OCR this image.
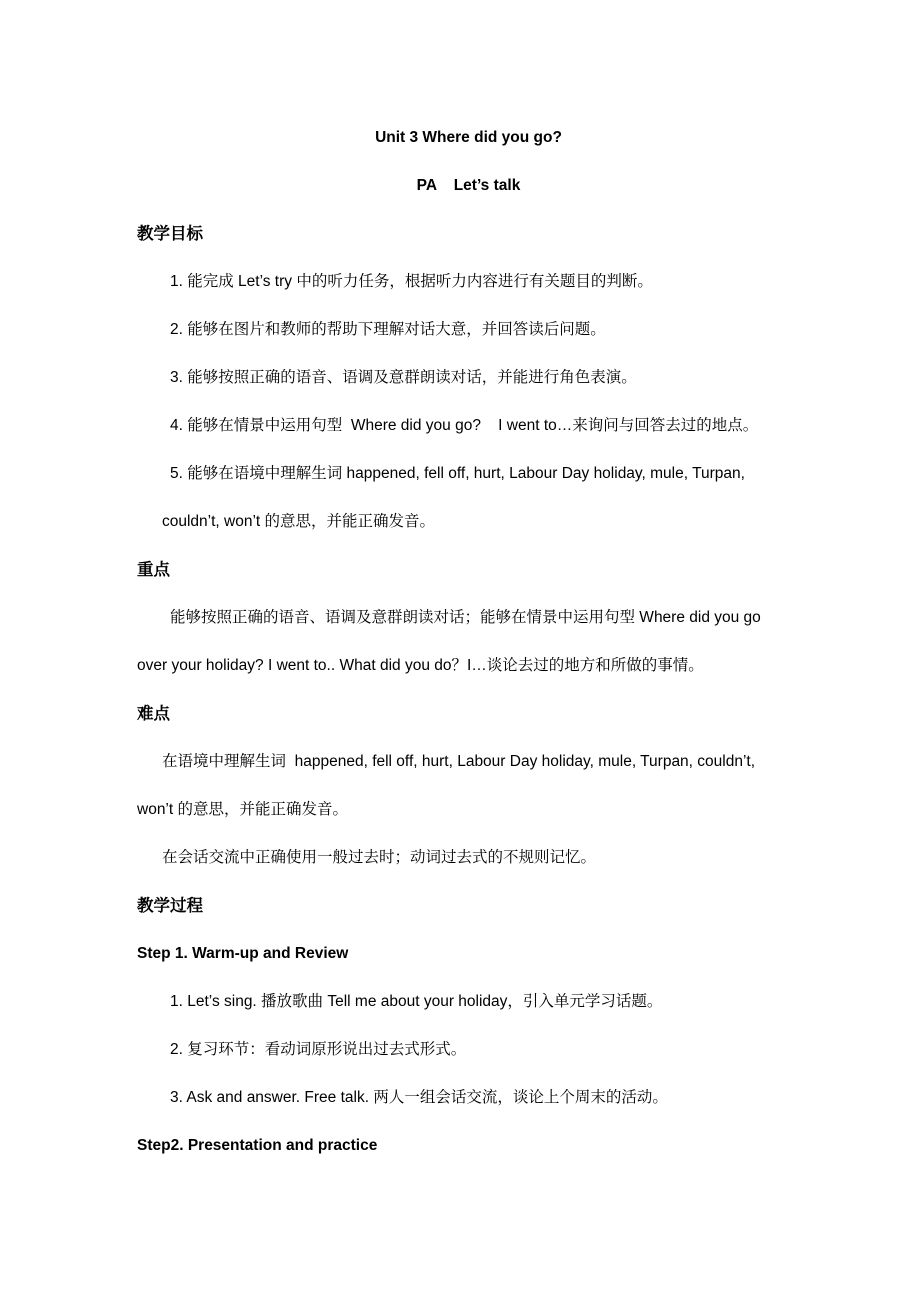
Unit 3 Where did you go?

PA    Let’s talk

教学目标

1. 能完成 Let’s try 中的听力任务，根据听力内容进行有关题目的判断。

2. 能够在图片和教师的帮助下理解对话大意，并回答读后问题。

3. 能够按照正确的语音、语调及意群朗读对话，并能进行角色表演。

4. 能够在情景中运用句型  Where did you go?    I went to…来询问与回答去过的地点。

5. 能够在语境中理解生词 happened, fell off, hurt, Labour Day holiday, mule, Turpan,

couldn’t, won’t 的意思，并能正确发音。

重点

能够按照正确的语音、语调及意群朗读对话；能够在情景中运用句型 Where did you go

over your holiday? I went to.. What did you do？I…谈论去过的地方和所做的事情。

难点

在语境中理解生词  happened, fell off, hurt, Labour Day holiday, mule, Turpan, couldn’t,

won’t 的意思，并能正确发音。

在会话交流中正确使用一般过去时；动词过去式的不规则记忆。

教学过程

Step 1. Warm-up and Review

1. Let’s sing. 播放歌曲 Tell me about your holiday，引入单元学习话题。

2. 复习环节：看动词原形说出过去式形式。

3. Ask and answer. Free talk. 两人一组会话交流，谈论上个周末的活动。

Step2. Presentation and practice
